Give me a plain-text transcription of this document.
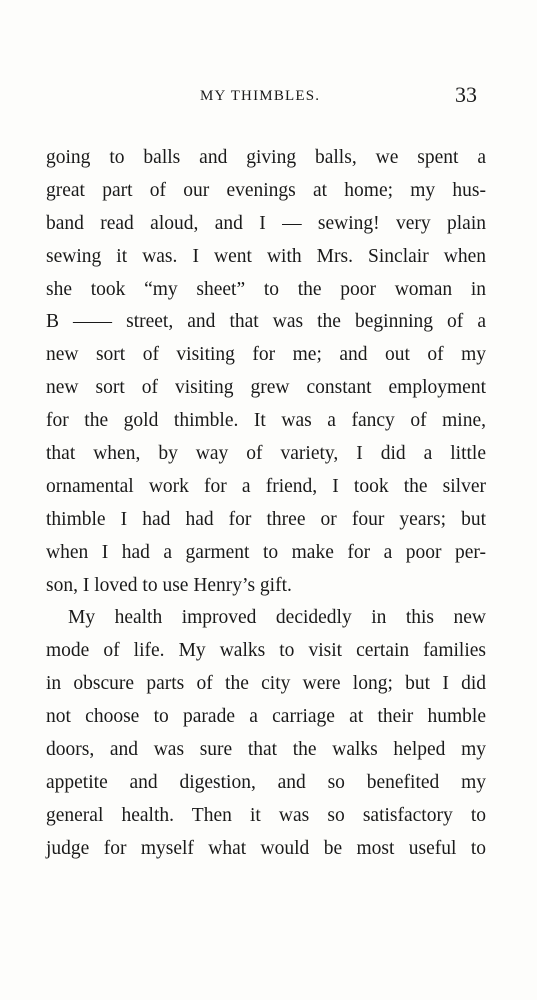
MY THIMBLES.	33
going to balls and giving balls, we spent a
great part of our evenings at home; my hus-
band read aloud, and I — sewing! very plain
sewing it was. I went with Mrs. Sinclair when
she took “my sheet” to the poor woman in
B —— street, and that was the beginning of a
new sort of visiting for me; and out of my
new sort of visiting grew constant employment
for the gold thimble. It was a fancy of mine,
that when, by way of variety, I did a little
ornamental work for a friend, I took the silver
thimble I had had for three or four years; but
when I had a garment to make for a poor per-
son, I loved to use Henry’s gift.
My health improved decidedly in this new
mode of life. My walks to visit certain families
in obscure parts of the city were long; but I did
not choose to parade a carriage at their humble
doors, and was sure that the walks helped my
appetite and digestion, and so benefited my
general health. Then it was so satisfactory to
judge for myself what would be most useful to
